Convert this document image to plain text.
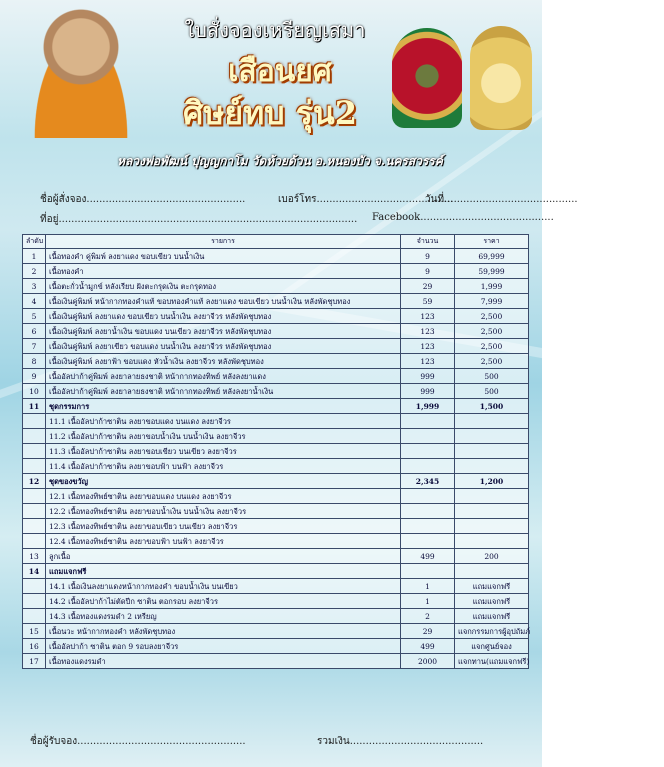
ใบสั่งจองเหรียญเสมา
เสือนยศ
ศิษย์ทบ รุ่น2
หลวงพ่อพัฒน์ ปุญญกาโม วัดห้วยด้วน อ.หนองบัว จ.นครสวรรค์
ชื่อผู้สั่งจอง..................................................	เบอร์โทร...........................................
วันที่..........................................
ที่อยู่.............................................................................................. Facebook..........................................
ลำดับ	รายการ	จำนวน	ราคา
1	เนื้อทองคำ คู่พิมพ์ ลงยาแดง ขอบเขียว บนน้ำเงิน	9	69,999
2	เนื้อทองคำ	9	59,999
3	เนื้อตะกั่วน้ำมูกข์ หลังเรียบ ฝังตะกรุดเงิน ตะกรุดทอง	29	1,999
4	เนื้อเงินคู่พิมพ์ หน้ากากทองคำแท้ ขอบทองคำแท้ ลงยาแดง ขอบเขียว บนน้ำเงิน หลังพัดชุบทอง	59	7,999
5	เนื้อเงินคู่พิมพ์ ลงยาแดง ขอบเขียว บนน้ำเงิน ลงยาจีวร หลังพัดชุบทอง	123	2,500
6	เนื้อเงินคู่พิมพ์ ลงยาน้ำเงิน ขอบแดง บนเขียว ลงยาจีวร หลังพัดชุบทอง	123	2,500
7	เนื้อเงินคู่พิมพ์ ลงยาเขียว ขอบแดง บนน้ำเงิน ลงยาจีวร หลังพัดชุบทอง	123	2,500
8	เนื้อเงินคู่พิมพ์ ลงยาฟ้า ขอบแดง หัวน้ำเงิน ลงยาจีวร หลังพัดชุบทอง	123	2,500
9	เนื้ออัลปาก้าคู่พิมพ์ ลงยาลายธงชาติ หน้ากากทองทิพย์ หลังลงยาแดง	999	500
10	เนื้ออัลปาก้าคู่พิมพ์ ลงยาลายธงชาติ หน้ากากทองทิพย์ หลังลงยาน้ำเงิน	999	500
11	ชุดกรรมการ	1,999	1,500
	11.1 เนื้ออัลปาก้าซาติน ลงยาขอบแดง บนแดง ลงยาจีวร		
	11.2 เนื้ออัลปาก้าซาติน ลงยาขอบน้ำเงิน บนน้ำเงิน ลงยาจีวร		
	11.3 เนื้ออัลปาก้าซาติน ลงยาขอบเขียว บนเขียว ลงยาจีวร		
	11.4 เนื้ออัลปาก้าซาติน ลงยาขอบฟ้า บนฟ้า ลงยาจีวร		
12	ชุดของขวัญ	2,345	1,200
	12.1 เนื้อทองทิพย์ซาติน ลงยาขอบแดง บนแดง ลงยาจีวร		
	12.2 เนื้อทองทิพย์ซาติน ลงยาขอบน้ำเงิน บนน้ำเงิน ลงยาจีวร		
	12.3 เนื้อทองทิพย์ซาติน ลงยาขอบเขียว บนเขียว ลงยาจีวร		
	12.4 เนื้อทองทิพย์ซาติน ลงยาขอบฟ้า บนฟ้า ลงยาจีวร		
13	ลูกเนื้อ	499	200
14	แถมแจกฟรี		
	14.1 เนื้อเงินลงยาแดงหน้ากากทองคำ ขอบน้ำเงิน บนเขียว	1	แถมแจกฟรี
	14.2 เนื้ออัลปาก้าไม่ตัดปีก ซาติน ตอกรอบ ลงยาจีวร	1	แถมแจกฟรี
	14.3 เนื้อทองแดงรมดำ 2 เหรียญ	2	แถมแจกฟรี
15	เนื้อนวะ หน้ากากทองคำ หลังพัดชุบทอง	29	แจกกรรมการผู้อุปถัมภ์
16	เนื้ออัลปาก้า ซาติน ตอก 9 รอบลงยาจีวร	499	แจกศูนย์จอง
17	เนื้อทองแดงรมดำ	2000	แจกทาน(แถมแจกฟรี)
ชื่อผู้รับจอง.....................................................	รวมเงิน..........................................
